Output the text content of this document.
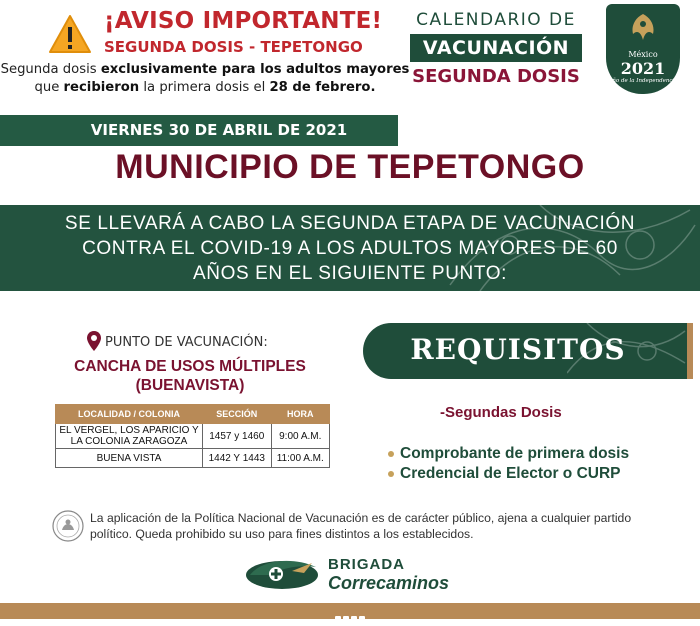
¡AVISO IMPORTANTE!
SEGUNDA DOSIS - TEPETONGO
Segunda dosis exclusivamente para los adultos mayores
que recibieron la primera dosis el 28 de febrero.
CALENDARIO DE
VACUNACIÓN
SEGUNDA DOSIS
México
2021
Año de la Independencia
VIERNES 30 DE ABRIL DE 2021
MUNICIPIO DE TEPETONGO
SE LLEVARÁ A CABO LA SEGUNDA ETAPA DE VACUNACIÓN
CONTRA EL COVID-19 A LOS ADULTOS MAYORES DE 60
AÑOS EN EL SIGUIENTE PUNTO:
PUNTO DE VACUNACIÓN:
CANCHA DE USOS MÚLTIPLES
(BUENAVISTA)
LOCALIDAD / COLONIA	SECCIÓN	HORA
EL VERGEL, LOS APARICIO Y LA COLONIA ZARAGOZA	1457 y 1460	9:00 A.M.
BUENA VISTA	1442 Y 1443	11:00 A.M.
REQUISITOS
-Segundas Dosis
Comprobante de primera dosis
Credencial de Elector o CURP
La aplicación de la Política Nacional de Vacunación es de carácter público, ajena a cualquier partido político. Queda prohibido su uso para fines distintos a los establecidos.
BRIGADA
Correcaminos
